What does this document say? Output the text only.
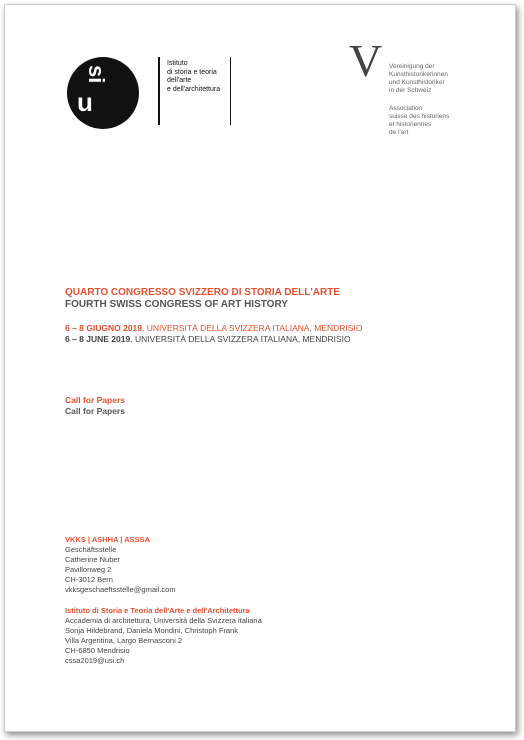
u
si
Istituto
di storia e teoria
dell'arte
e dell'architettura
V Vereinigung der
Kunsthistorikerinnen
und Kunsthistoriker
in der Schweiz
Association
suisse des historiens
et historiennes
de l'art
QUARTO CONGRESSO SVIZZERO DI STORIA DELL'ARTE
FOURTH SWISS CONGRESS OF ART HISTORY
6 – 8 GIUGNO 2019, UNIVERSITÀ DELLA SVIZZERA ITALIANA, MENDRISIO
6 – 8 JUNE 2019, UNIVERSITÀ DELLA SVIZZERA ITALIANA, MENDRISIO
Call for Papers
Call for Papers
VKKS | ASHHA | ASSSA
Geschäftsstelle
Catherine Nuber
Pavillonweg 2
CH-3012 Bern
vkksgeschaeftsstelle@gmail.com
Istituto di Storia e Teoria dell'Arte e dell'Architettura
Accademia di architettura, Università della Svizzera italiana
Sonja Hildebrand, Daniela Mondini, Christoph Frank
Villa Argentina, Largo Bernasconi 2
CH-6850 Mendrisio
cssa2019@usi.ch
